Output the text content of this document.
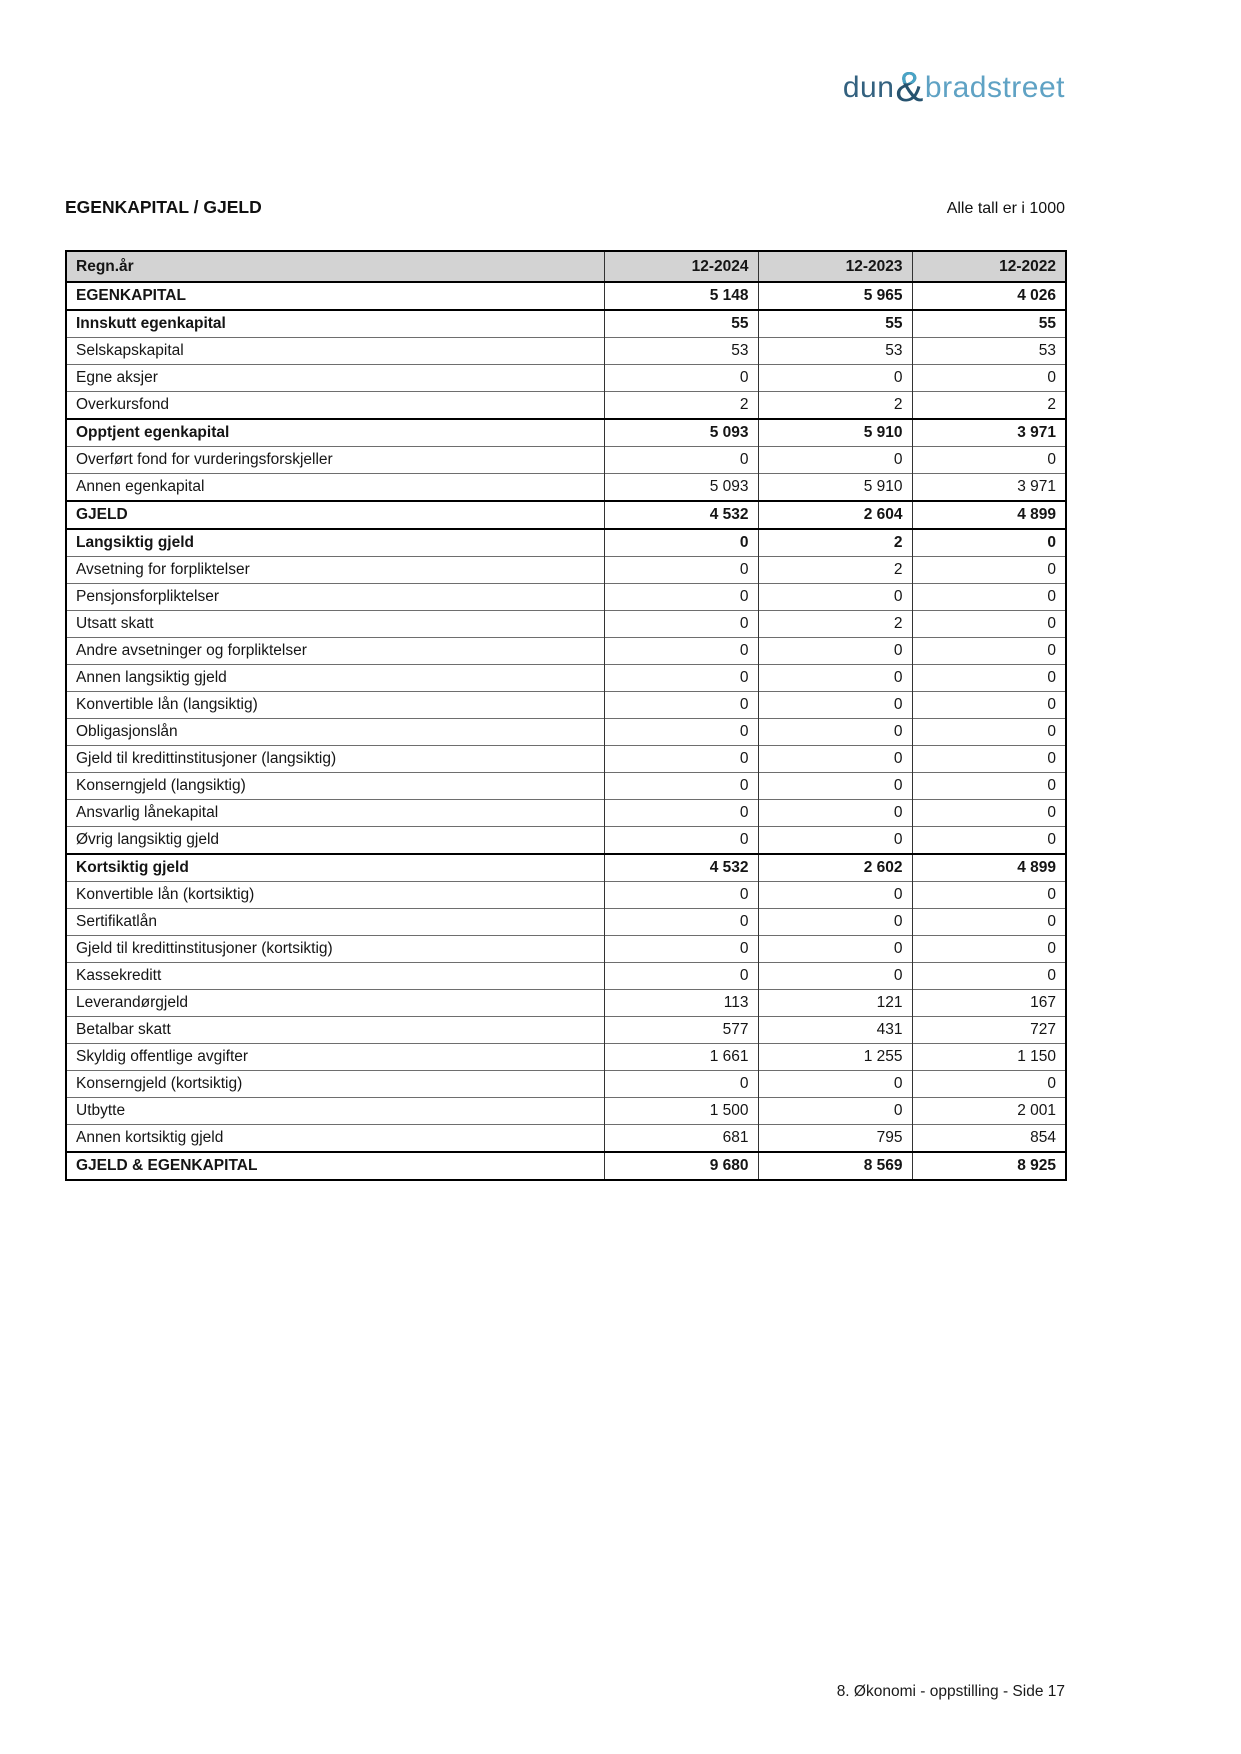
dun& &bradstreet
EGENKAPITAL / GJELD	Alle tall er i 1000
Regn.år	12-2024	12-2023	12-2022
EGENKAPITAL	5 148	5 965	4 026
Innskutt egenkapital	55	55	55
Selskapskapital	53	53	53
Egne aksjer	0	0	0
Overkursfond	2	2	2
Opptjent egenkapital	5 093	5 910	3 971
Overført fond for vurderingsforskjeller	0	0	0
Annen egenkapital	5 093	5 910	3 971
GJELD	4 532	2 604	4 899
Langsiktig gjeld	0	2	0
Avsetning for forpliktelser	0	2	0
Pensjonsforpliktelser	0	0	0
Utsatt skatt	0	2	0
Andre avsetninger og forpliktelser	0	0	0
Annen langsiktig gjeld	0	0	0
Konvertible lån (langsiktig)	0	0	0
Obligasjonslån	0	0	0
Gjeld til kredittinstitusjoner (langsiktig)	0	0	0
Konserngjeld (langsiktig)	0	0	0
Ansvarlig lånekapital	0	0	0
Øvrig langsiktig gjeld	0	0	0
Kortsiktig gjeld	4 532	2 602	4 899
Konvertible lån (kortsiktig)	0	0	0
Sertifikatlån	0	0	0
Gjeld til kredittinstitusjoner (kortsiktig)	0	0	0
Kassekreditt	0	0	0
Leverandørgjeld	113	121	167
Betalbar skatt	577	431	727
Skyldig offentlige avgifter	1 661	1 255	1 150
Konserngjeld (kortsiktig)	0	0	0
Utbytte	1 500	0	2 001
Annen kortsiktig gjeld	681	795	854
GJELD & EGENKAPITAL	9 680	8 569	8 925
8. Økonomi - oppstilling - Side 17
